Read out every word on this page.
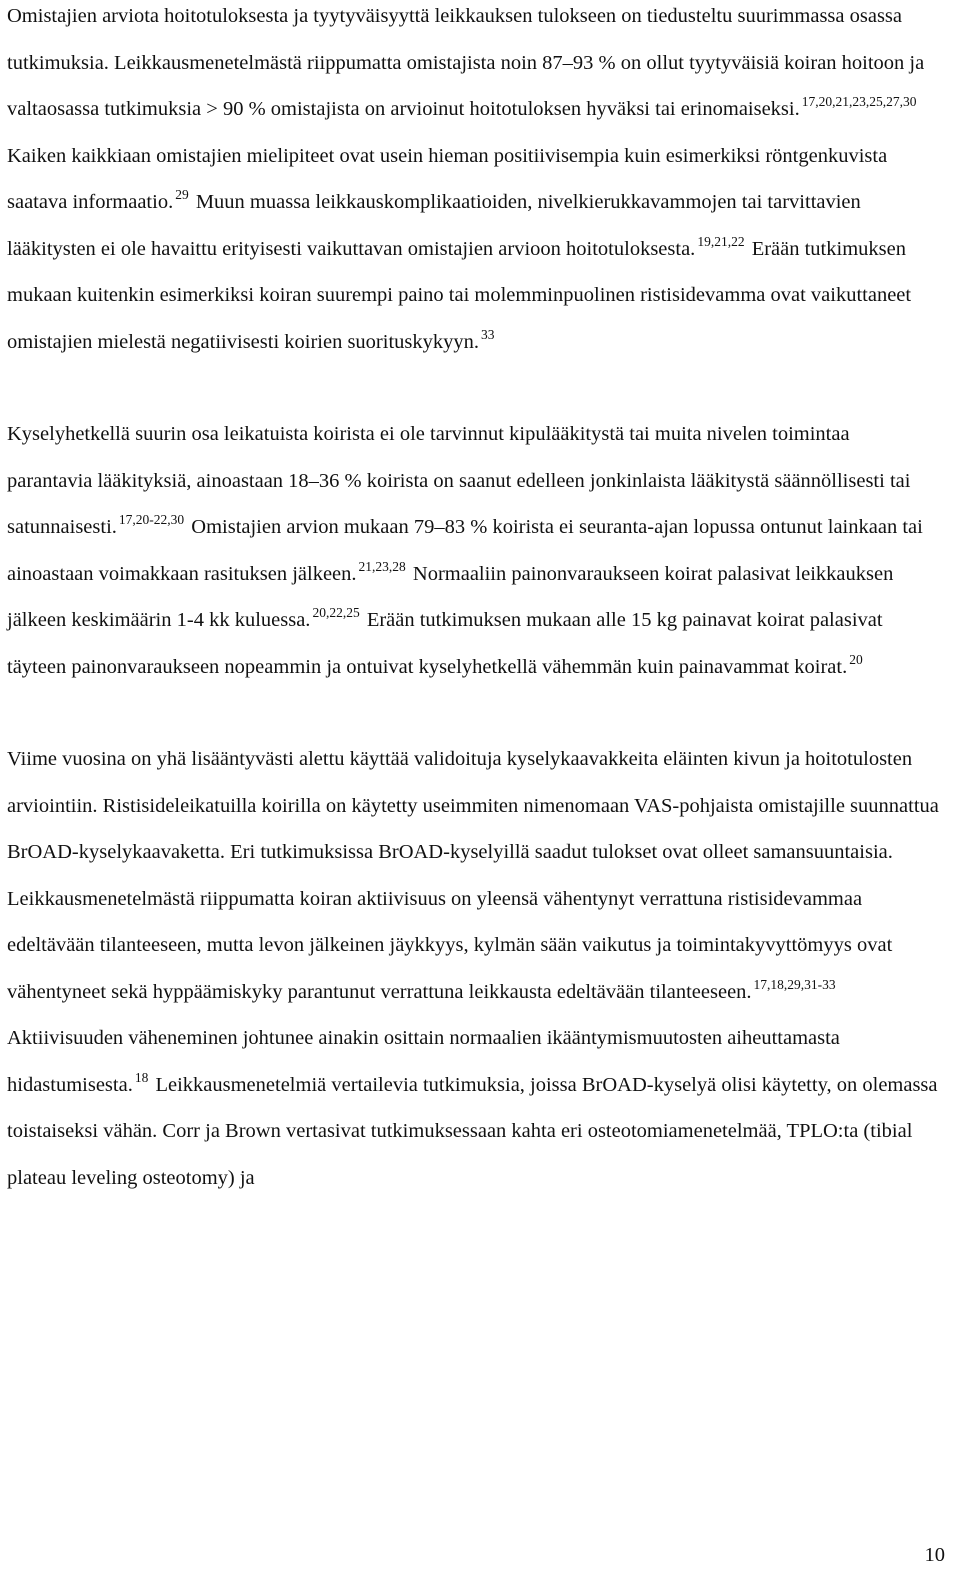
Omistajien arviota hoitotuloksesta ja tyytyväisyyttä leikkauksen tulokseen on tiedusteltu suurimmassa osassa tutkimuksia. Leikkausmenetelmästä riippumatta omistajista noin 87–93 % on ollut tyytyväisiä koiran hoitoon ja valtaosassa tutkimuksia > 90 % omistajista on arvioinut hoitotuloksen hyväksi tai erinomaiseksi. $^{17,20,21,23,25,27,30}$ Kaiken kaikkiaan omistajien mielipiteet ovat usein hieman positiivisempia kuin esimerkiksi röntgenkuvista saatava informaatio. $^{29}$ Muun muassa leikkauskomplikaatioiden, nivelkierukkavammojen tai tarvittavien lääkitysten ei ole havaittu erityisesti vaikuttavan omistajien arvioon hoitotuloksesta. $^{19,21,22}$ Erään tutkimuksen mukaan kuitenkin esimerkiksi koiran suurempi paino tai molemminpuolinen ristisidevamma ovat vaikuttaneet omistajien mielestä negatiivisesti koirien suorituskykyyn. $^{33}$

Kyselyhetkellä suurin osa leikatuista koirista ei ole tarvinnut kipulääkitystä tai muita nivelen toimintaa parantavia lääkityksiä, ainoastaan 18–36 % koirista on saanut edelleen jonkinlaista lääkitystä säännöllisesti tai satunnaisesti. $^{17,20-22,30}$ Omistajien arvion mukaan 79–83 % koirista ei seuranta-ajan lopussa ontunut lainkaan tai ainoastaan voimakkaan rasituksen jälkeen. $^{21,23,28}$ Normaaliin painonvaraukseen koirat palasivat leikkauksen jälkeen keskimäärin 1-4 kk kuluessa. $^{20,22,25}$ Erään tutkimuksen mukaan alle 15 kg painavat koirat palasivat täyteen painonvaraukseen nopeammin ja ontuivat kyselyhetkellä vähemmän kuin painavammat koirat. $^{20}$

Viime vuosina on yhä lisääntyvästi alettu käyttää validoituja kyselykaavakkeita eläinten kivun ja hoitotulosten arviointiin. Ristisideleikatuilla koirilla on käytetty useimmiten nimenomaan VAS-pohjaista omistajille suunnattua BrOAD-kyselykaavaketta. Eri tutkimuksissa BrOAD-kyselyillä saadut tulokset ovat olleet samansuuntaisia. Leikkausmenetelmästä riippumatta koiran aktiivisuus on yleensä vähentynyt verrattuna ristisidevammaa edeltävään tilanteeseen, mutta levon jälkeinen jäykkyys, kylmän sään vaikutus ja toimintakyvyttömyys ovat vähentyneet sekä hyppäämiskyky parantunut verrattuna leikkausta edeltävään tilanteeseen. $^{17,18,29,31-33}$ Aktiivisuuden väheneminen johtunee ainakin osittain normaalien ikääntymismuutosten aiheuttamasta hidastumisesta. $^{18}$ Leikkausmenetelmiä vertailevia tutkimuksia, joissa BrOAD-kyselyä olisi käytetty, on olemassa toistaiseksi vähän. Corr ja Brown vertasivat tutkimuksessaan kahta eri osteotomiamenetelmää, TPLO:ta (tibial plateau leveling osteotomy) ja

10
